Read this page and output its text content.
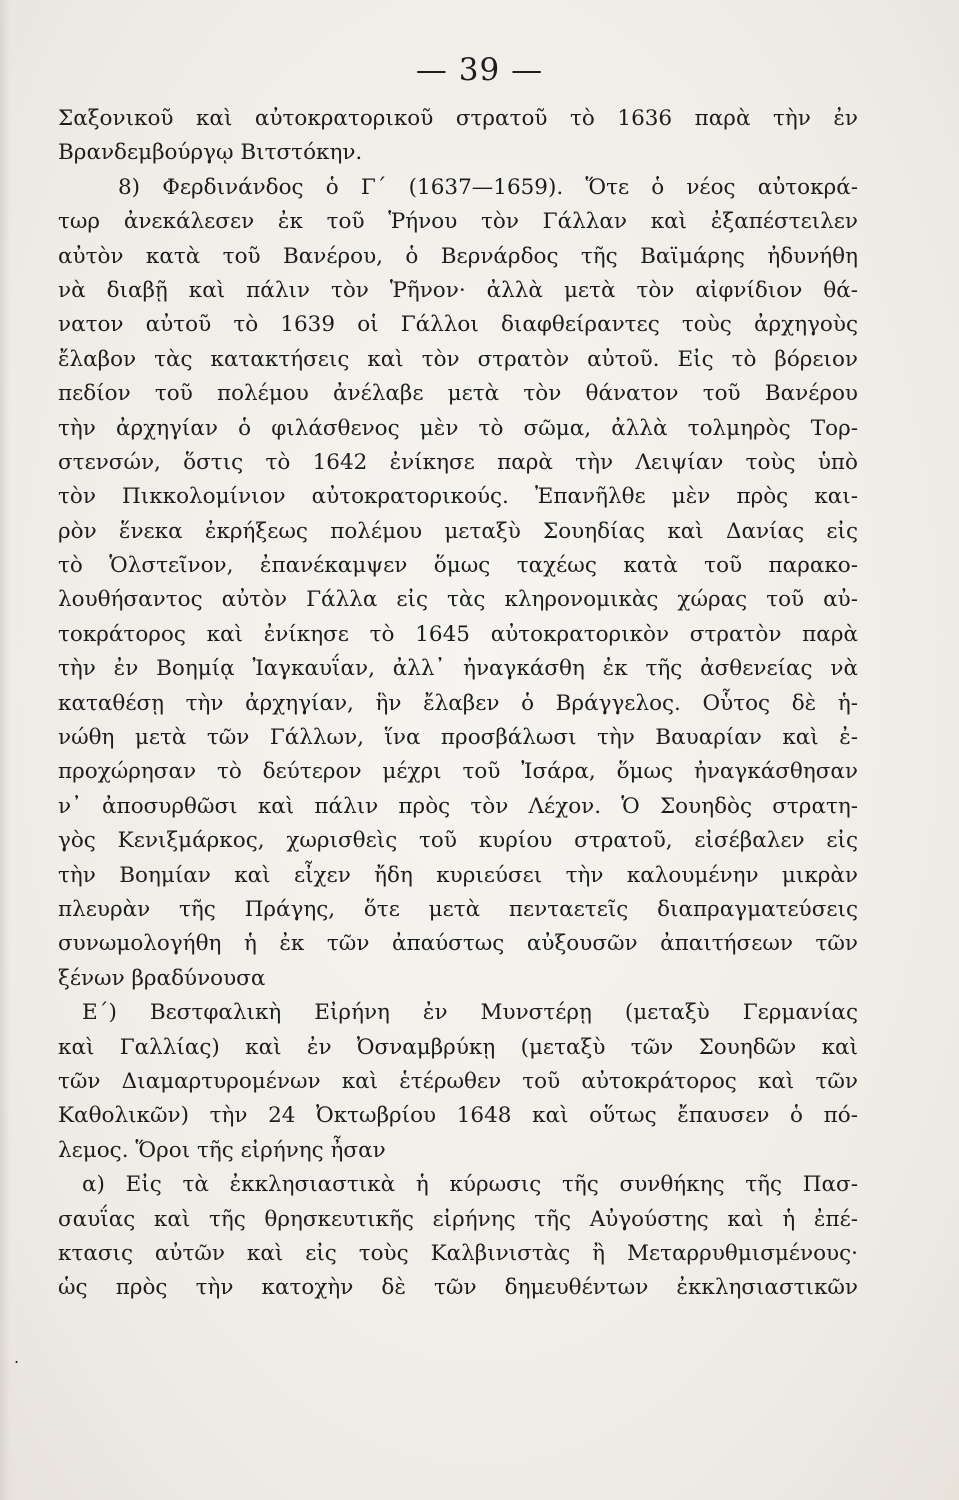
— 39 —
.
Σαξονικοῦ καὶ αὐτοκρατορικοῦ στρατοῦ τὸ 1636 παρὰ τὴν ἐν
Βρανδεμβούργῳ Βιτστόκην.
8) Φερδινάνδος ὁ Γ΄ (1637—1659). Ὅτε ὁ νέος αὐτοκρά-
τωρ ἀνεκάλεσεν ἐκ τοῦ Ῥήνου τὸν Γάλλαν καὶ ἐξαπέστειλεν
αὐτὸν κατὰ τοῦ Βανέρου, ὁ Βερνάρδος τῆς Βαϊμάρης ἠδυνήθη
νὰ διαβῇ καὶ πάλιν τὸν Ῥῆνον· ἀλλὰ μετὰ τὸν αἰφνίδιον θά-
νατον αὐτοῦ τὸ 1639 οἱ Γάλλοι διαφθείραντες τοὺς ἀρχηγοὺς
ἔλαβον τὰς κατακτήσεις καὶ τὸν στρατὸν αὐτοῦ. Εἰς τὸ βόρειον
πεδίον τοῦ πολέμου ἀνέλαβε μετὰ τὸν θάνατον τοῦ Βανέρου
τὴν ἀρχηγίαν ὁ φιλάσθενος μὲν τὸ σῶμα, ἀλλὰ τολμηρὸς Τορ-
στενσών, ὅστις τὸ 1642 ἐνίκησε παρὰ τὴν Λειψίαν τοὺς ὑπὸ
τὸν Πικκολομίνιον αὐτοκρατορικούς. Ἐπανῆλθε μὲν πρὸς και-
ρὸν ἕνεκα ἐκρήξεως πολέμου μεταξὺ Σουηδίας καὶ Δανίας εἰς
τὸ Ὁλστεῖνον, ἐπανέκαμψεν ὅμως ταχέως κατὰ τοῦ παρακο-
λουθήσαντος αὐτὸν Γάλλα εἰς τὰς κληρονομικὰς χώρας τοῦ αὐ-
τοκράτορος καὶ ἐνίκησε τὸ 1645 αὐτοκρατορικὸν στρατὸν παρὰ
τὴν ἐν Βοημίᾳ Ἰαγκαυΐαν, ἀλλ᾽ ἠναγκάσθη ἐκ τῆς ἀσθενείας νὰ
καταθέσῃ τὴν ἀρχηγίαν, ἣν ἔλαβεν ὁ Βράγγελος. Οὗτος δὲ ἡ-
νώθη μετὰ τῶν Γάλλων, ἵνα προσβάλωσι τὴν Βαυαρίαν καὶ ἐ-
προχώρησαν τὸ δεύτερον μέχρι τοῦ Ἰσάρα, ὅμως ἠναγκάσθησαν
ν᾽ ἀποσυρθῶσι καὶ πάλιν πρὸς τὸν Λέχον. Ὁ Σουηδὸς στρατη-
γὸς Κενιξμάρκος, χωρισθεὶς τοῦ κυρίου στρατοῦ, εἰσέβαλεν εἰς
τὴν Βοημίαν καὶ εἶχεν ἤδη κυριεύσει τὴν καλουμένην μικρὰν
πλευρὰν τῆς Πράγης, ὅτε μετὰ πενταετεῖς διαπραγματεύσεις
συνωμολογήθη ἡ ἐκ τῶν ἀπαύστως αὐξουσῶν ἀπαιτήσεων τῶν
ξένων βραδύνουσα
Ε΄) Βεστφαλικὴ Εἰρήνη ἐν Μυνστέρῃ (μεταξὺ Γερμανίας
καὶ Γαλλίας) καὶ ἐν Ὀσναμβρύκῃ (μεταξὺ τῶν Σουηδῶν καὶ
τῶν Διαμαρτυρομένων καὶ ἑτέρωθεν τοῦ αὐτοκράτορος καὶ τῶν
Καθολικῶν) τὴν 24 Ὀκτωβρίου 1648 καὶ οὕτως ἔπαυσεν ὁ πό-
λεμος. Ὅροι τῆς εἰρήνης ἦσαν
α) Εἰς τὰ ἐκκλησιαστικὰ ἡ κύρωσις τῆς συνθήκης τῆς Πασ-
σαυΐας καὶ τῆς θρησκευτικῆς εἰρήνης τῆς Αὐγούστης καὶ ἡ ἐπέ-
κτασις αὐτῶν καὶ εἰς τοὺς Καλβινιστὰς ἢ Μεταρρυθμισμένους·
ὡς πρὸς τὴν κατοχὴν δὲ τῶν δημευθέντων ἐκκλησιαστικῶν
